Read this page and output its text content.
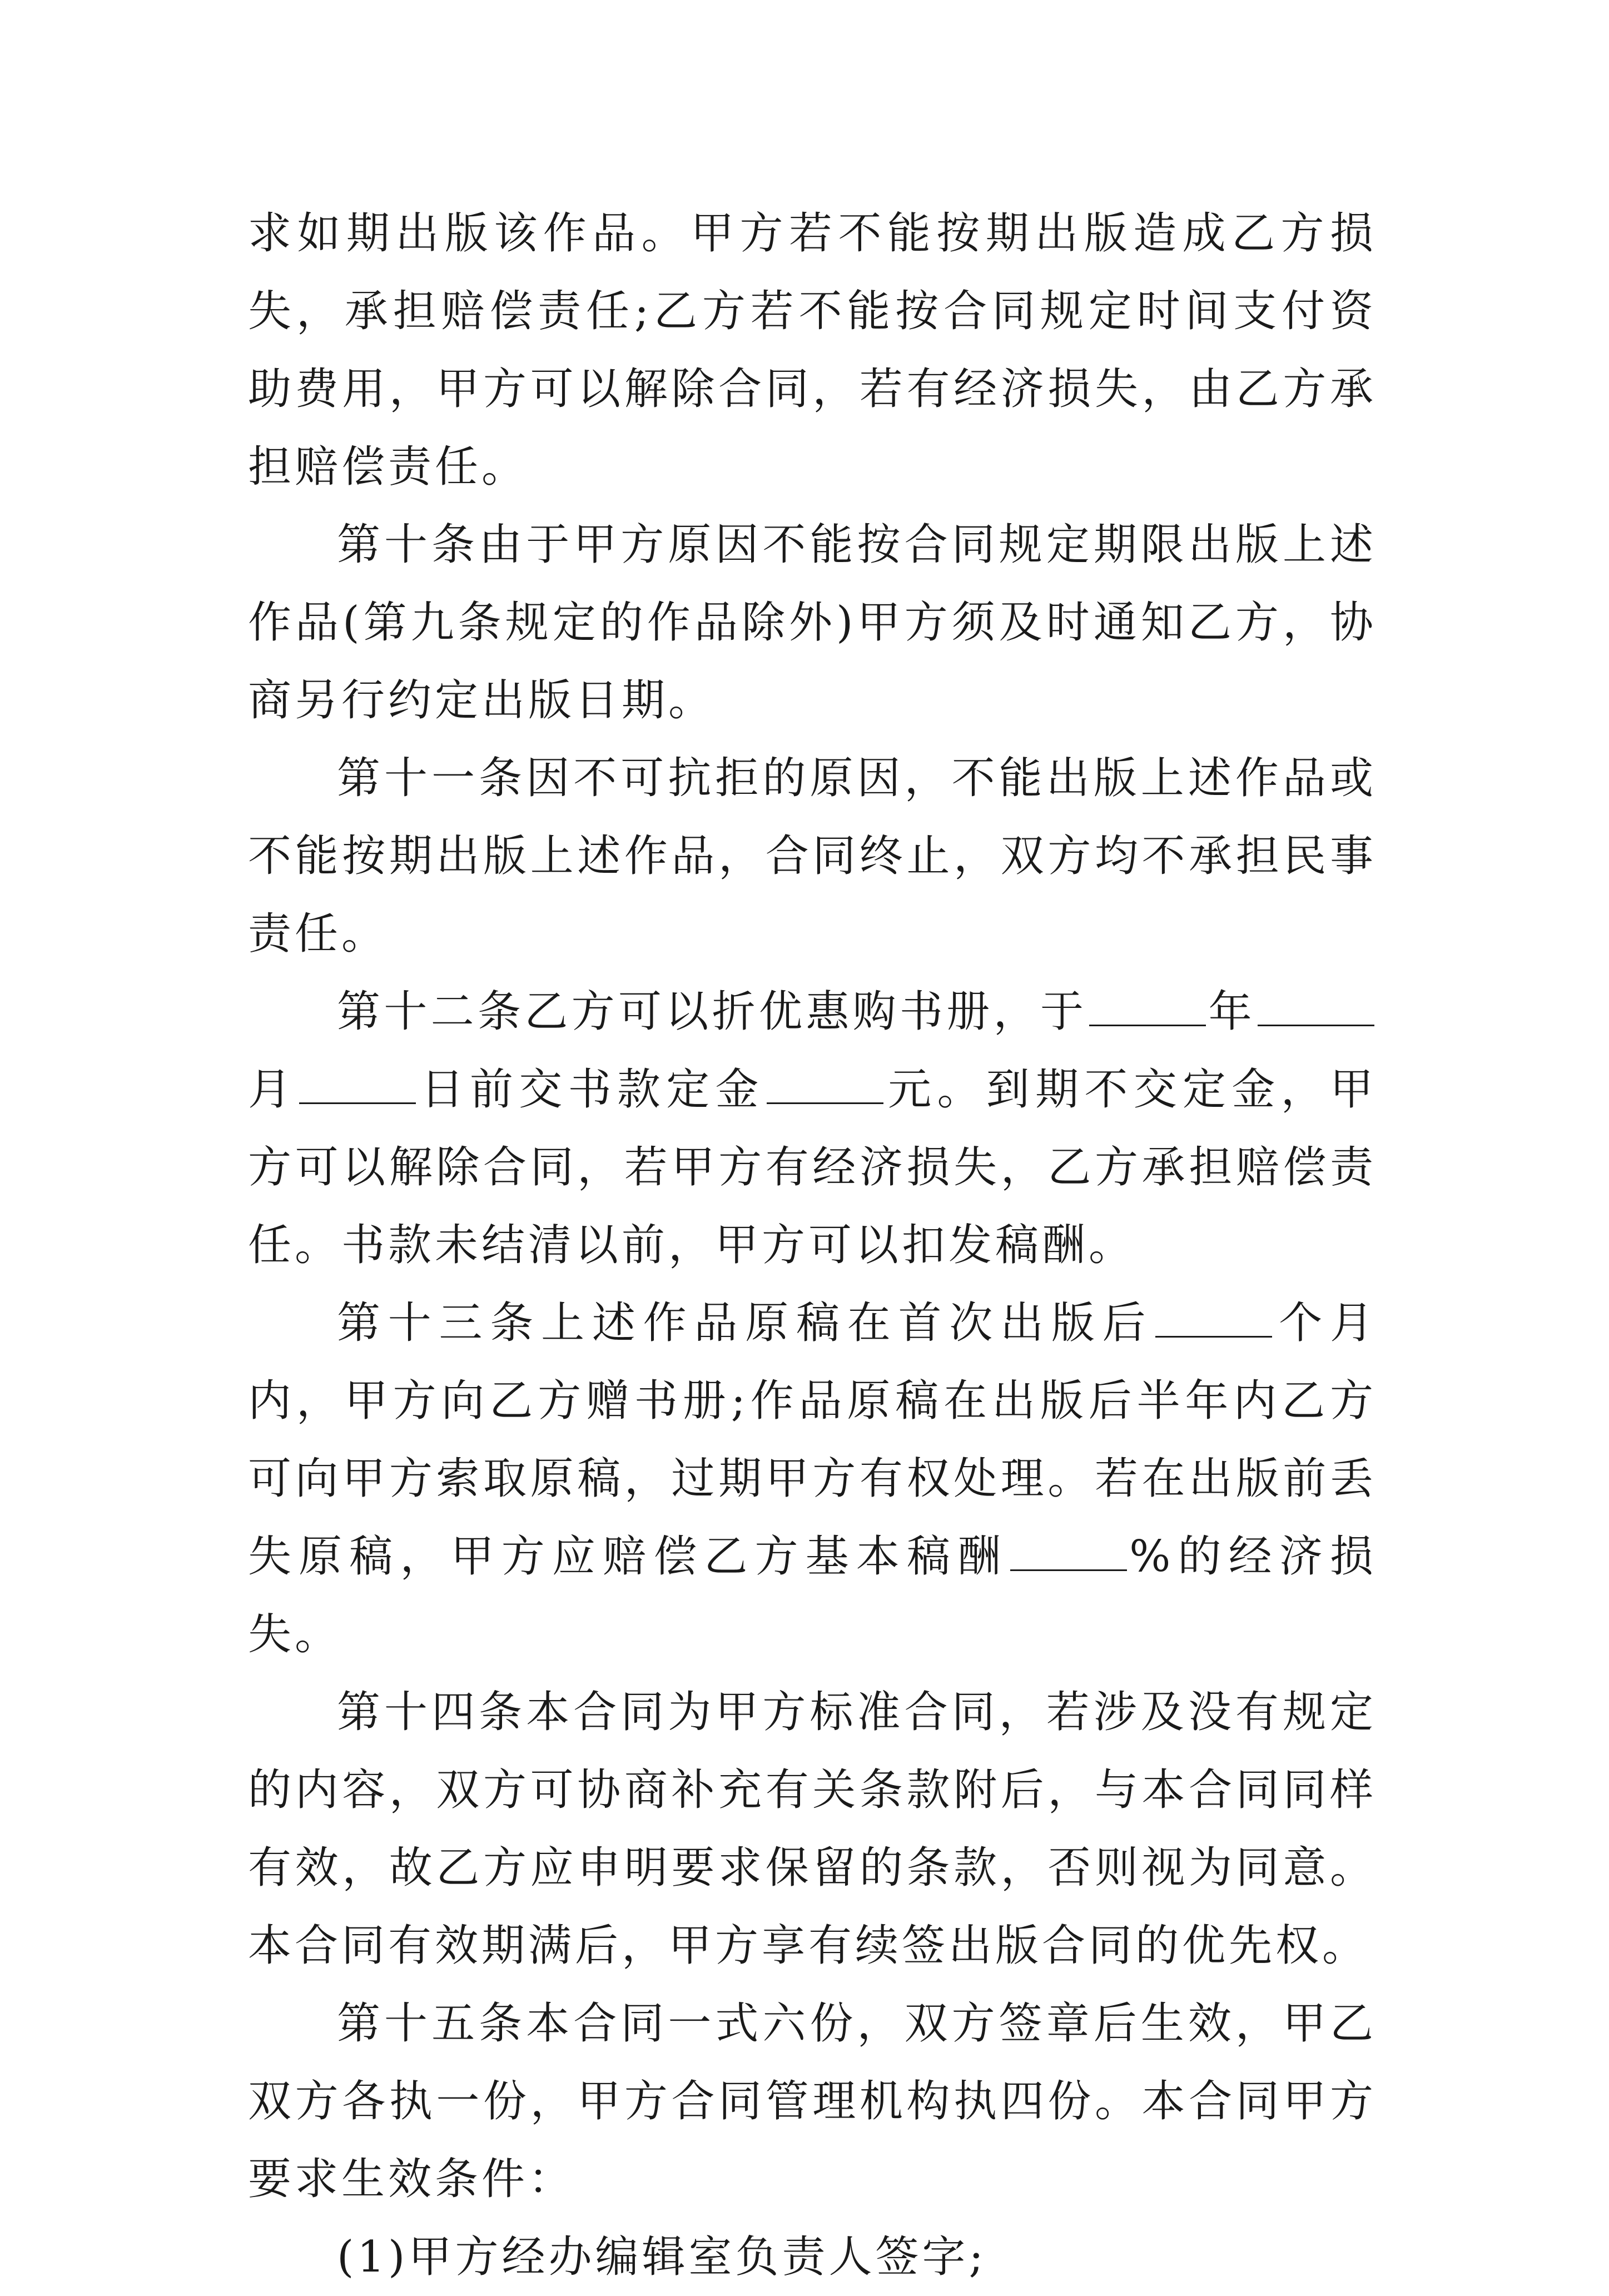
求如期出版该作品。甲方若不能按期出版造成乙方损失，承担赔偿责任;乙方若不能按合同规定时间支付资助费用，甲方可以解除合同，若有经济损失，由乙方承担赔偿责任。

第十条由于甲方原因不能按合同规定期限出版上述作品(第九条规定的作品除外)甲方须及时通知乙方，协商另行约定出版日期。

第十一条因不可抗拒的原因，不能出版上述作品或不能按期出版上述作品，合同终止，双方均不承担民事责任。

第十二条乙方可以折优惠购书册，于	年月	日前交书款定金	元。到期不交定金，甲方可以解除合同，若甲方有经济损失，乙方承担赔偿责任。书款未结清以前，甲方可以扣发稿酬。

第十三条上述作品原稿在首次出版后	个月内，甲方向乙方赠书册;作品原稿在出版后半年内乙方可向甲方索取原稿，过期甲方有权处理。若在出版前丢失原稿，甲方应赔偿乙方基本稿酬	%的经济损失。

第十四条本合同为甲方标准合同，若涉及没有规定的内容，双方可协商补充有关条款附后，与本合同同样有效，故乙方应申明要求保留的条款，否则视为同意。本合同有效期满后，甲方享有续签出版合同的优先权。

第十五条本合同一式六份，双方签章后生效，甲乙双方各执一份，甲方合同管理机构执四份。本合同甲方要求生效条件：

(1)甲方经办编辑室负责人签字;
